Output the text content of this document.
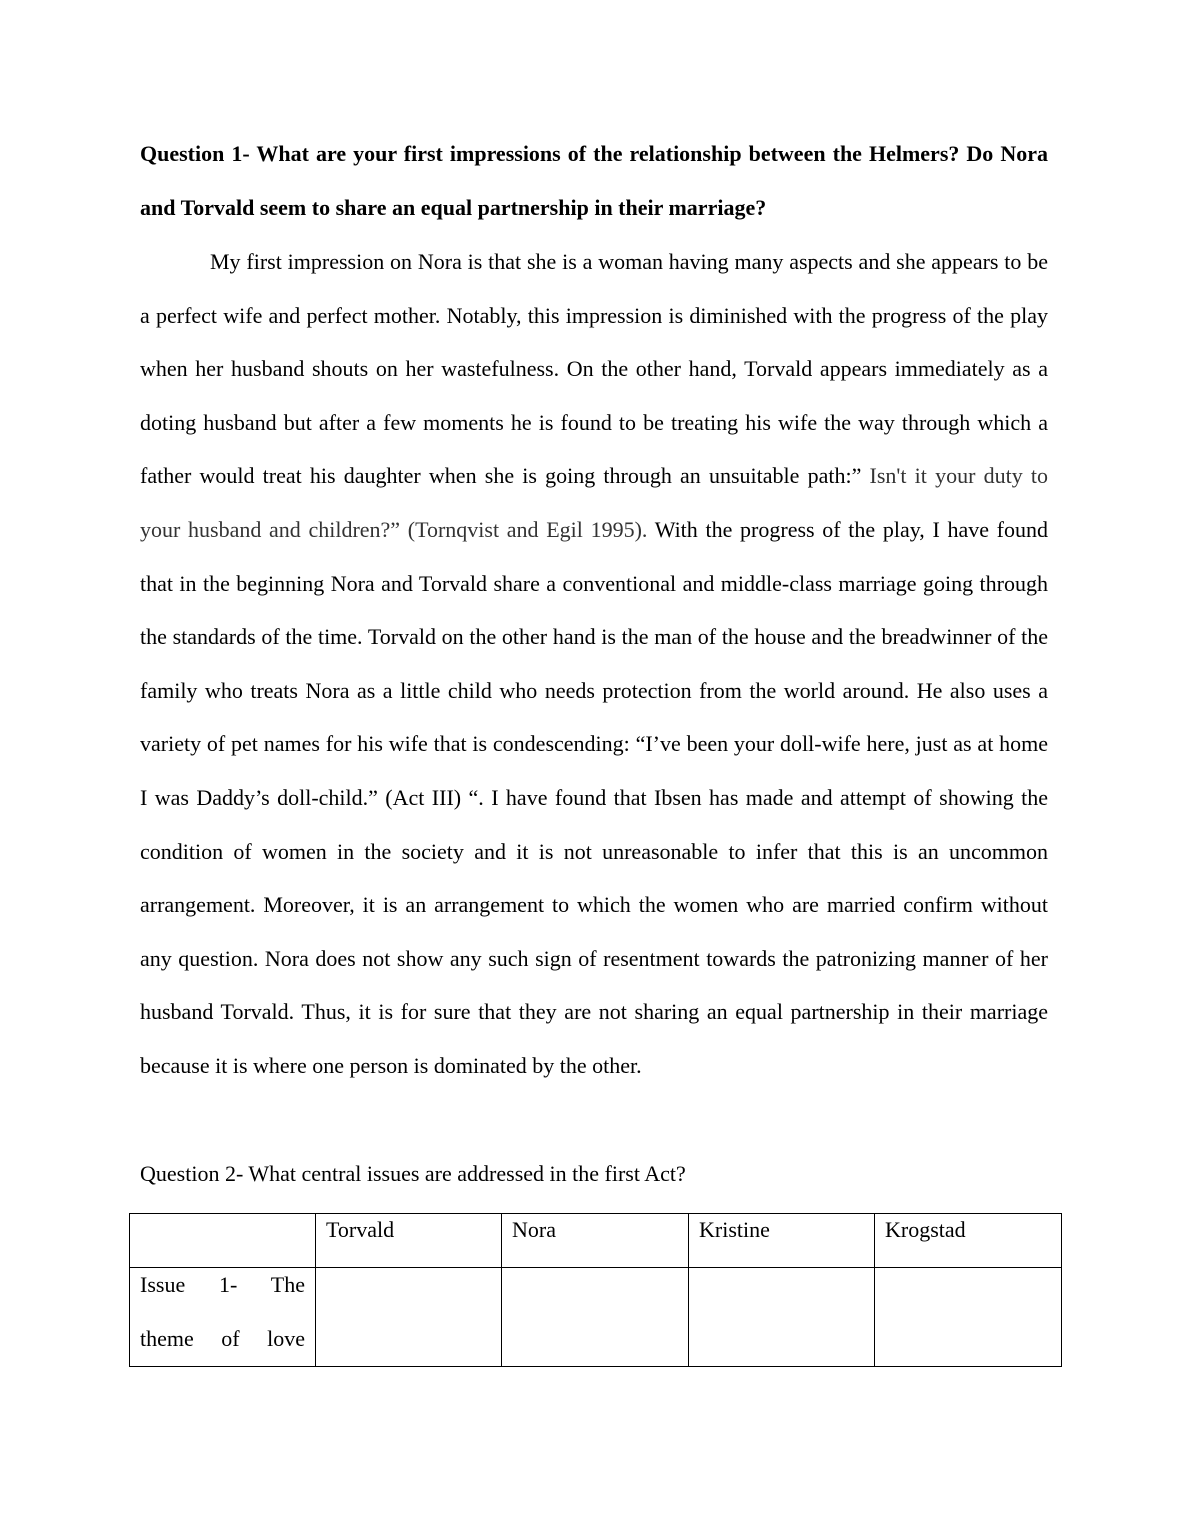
Question 1- What are your first impressions of the relationship between the Helmers? Do Nora and Torvald seem to share an equal partnership in their marriage?
My first impression on Nora is that she is a woman having many aspects and she appears to be a perfect wife and perfect mother. Notably, this impression is diminished with the progress of the play when her husband shouts on her wastefulness. On the other hand, Torvald appears immediately as a doting husband but after a few moments he is found to be treating his wife the way through which a father would treat his daughter when she is going through an unsuitable path:” Isn't it your duty to your husband and children?” (Tornqvist and Egil 1995). With the progress of the play, I have found that in the beginning Nora and Torvald share a conventional and middle-class marriage going through the standards of the time. Torvald on the other hand is the man of the house and the breadwinner of the family who treats Nora as a little child who needs protection from the world around. He also uses a variety of pet names for his wife that is condescending: “I’ve been your doll-wife here, just as at home I was Daddy’s doll-child.” (Act III) “. I have found that Ibsen has made and attempt of showing the condition of women in the society and it is not unreasonable to infer that this is an uncommon arrangement. Moreover, it is an arrangement to which the women who are married confirm without any question. Nora does not show any such sign of resentment towards the patronizing manner of her husband Torvald. Thus, it is for sure that they are not sharing an equal partnership in their marriage because it is where one person is dominated by the other.
Question 2- What central issues are addressed in the first Act?
	Torvald	Nora	Kristine	Krogstad

Issue 1- The theme of love				
